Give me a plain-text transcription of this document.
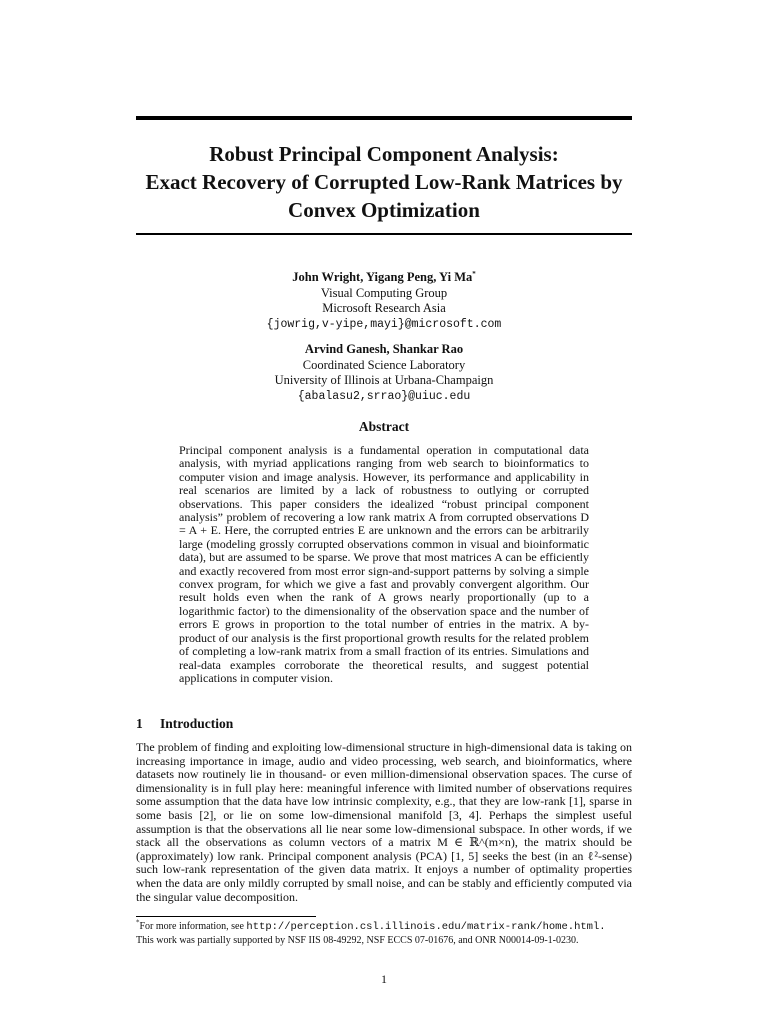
Robust Principal Component Analysis:
Exact Recovery of Corrupted Low-Rank Matrices by
Convex Optimization
John Wright, Yigang Peng, Yi Ma*
Visual Computing Group
Microsoft Research Asia
{jowrig,v-yipe,mayi}@microsoft.com
Arvind Ganesh, Shankar Rao
Coordinated Science Laboratory
University of Illinois at Urbana-Champaign
{abalasu2,srrao}@uiuc.edu
Abstract

Principal component analysis is a fundamental operation in computational data analysis, with myriad applications ranging from web search to bioinformatics to computer vision and image analysis. However, its performance and applicability in real scenarios are limited by a lack of robustness to outlying or corrupted observations. This paper considers the idealized “robust principal component analysis” problem of recovering a low rank matrix A from corrupted observations D = A + E. Here, the corrupted entries E are unknown and the errors can be arbitrarily large (modeling grossly corrupted observations common in visual and bioinformatic data), but are assumed to be sparse. We prove that most matrices A can be efficiently and exactly recovered from most error sign-and-support patterns by solving a simple convex program, for which we give a fast and provably convergent algorithm. Our result holds even when the rank of A grows nearly proportionally (up to a logarithmic factor) to the dimensionality of the observation space and the number of errors E grows in proportion to the total number of entries in the matrix. A by-product of our analysis is the first proportional growth results for the related problem of completing a low-rank matrix from a small fraction of its entries. Simulations and real-data examples corroborate the theoretical results, and suggest potential applications in computer vision.

1 Introduction

The problem of finding and exploiting low-dimensional structure in high-dimensional data is taking on increasing importance in image, audio and video processing, web search, and bioinformatics, where datasets now routinely lie in thousand- or even million-dimensional observation spaces. The curse of dimensionality is in full play here: meaningful inference with limited number of observations requires some assumption that the data have low intrinsic complexity, e.g., that they are low-rank [1], sparse in some basis [2], or lie on some low-dimensional manifold [3, 4]. Perhaps the simplest useful assumption is that the observations all lie near some low-dimensional subspace. In other words, if we stack all the observations as column vectors of a matrix M ∈ ℝ^(m×n), the matrix should be (approximately) low rank. Principal component analysis (PCA) [1, 5] seeks the best (in an ℓ²-sense) such low-rank representation of the given data matrix. It enjoys a number of optimality properties when the data are only mildly corrupted by small noise, and can be stably and efficiently computed via the singular value decomposition.

*For more information, see http://perception.csl.illinois.edu/matrix-rank/home.html.
This work was partially supported by NSF IIS 08-49292, NSF ECCS 07-01676, and ONR N00014-09-1-0230.
1
